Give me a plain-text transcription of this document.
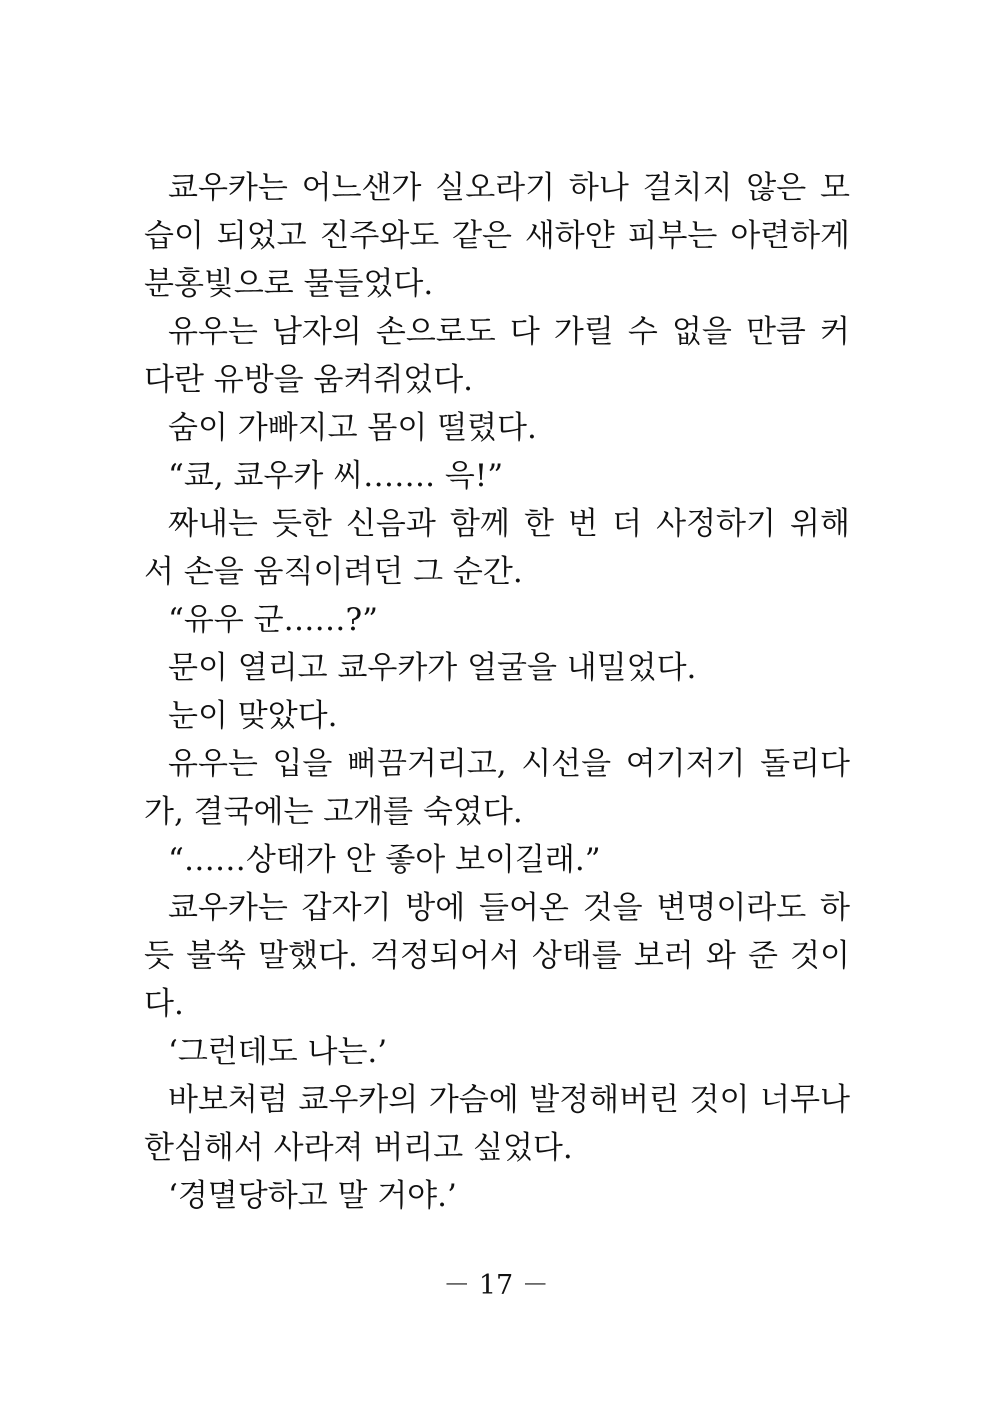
쿄우카는 어느샌가 실오라기 하나 걸치지 않은 모
습이 되었고 진주와도 같은 새하얀 피부는 아련하게
분홍빛으로 물들었다.
유우는 남자의 손으로도 다 가릴 수 없을 만큼 커
다란 유방을 움켜쥐었다.
숨이 가빠지고 몸이 떨렸다.
“쿄, 쿄우카 씨……. 윽!”
짜내는 듯한 신음과 함께 한 번 더 사정하기 위해
서 손을 움직이려던 그 순간.
“유우 군……?”
문이 열리고 쿄우카가 얼굴을 내밀었다.
눈이 맞았다.
유우는 입을 뻐끔거리고, 시선을 여기저기 돌리다
가, 결국에는 고개를 숙였다.
“……상태가 안 좋아 보이길래.”
쿄우카는 갑자기 방에 들어온 것을 변명이라도 하
듯 불쑥 말했다. 걱정되어서 상태를 보러 와 준 것이
다.
‘그런데도 나는.’
바보처럼 쿄우카의 가슴에 발정해버린 것이 너무나
한심해서 사라져 버리고 싶었다.
‘경멸당하고 말 거야.’
－ 17 －
